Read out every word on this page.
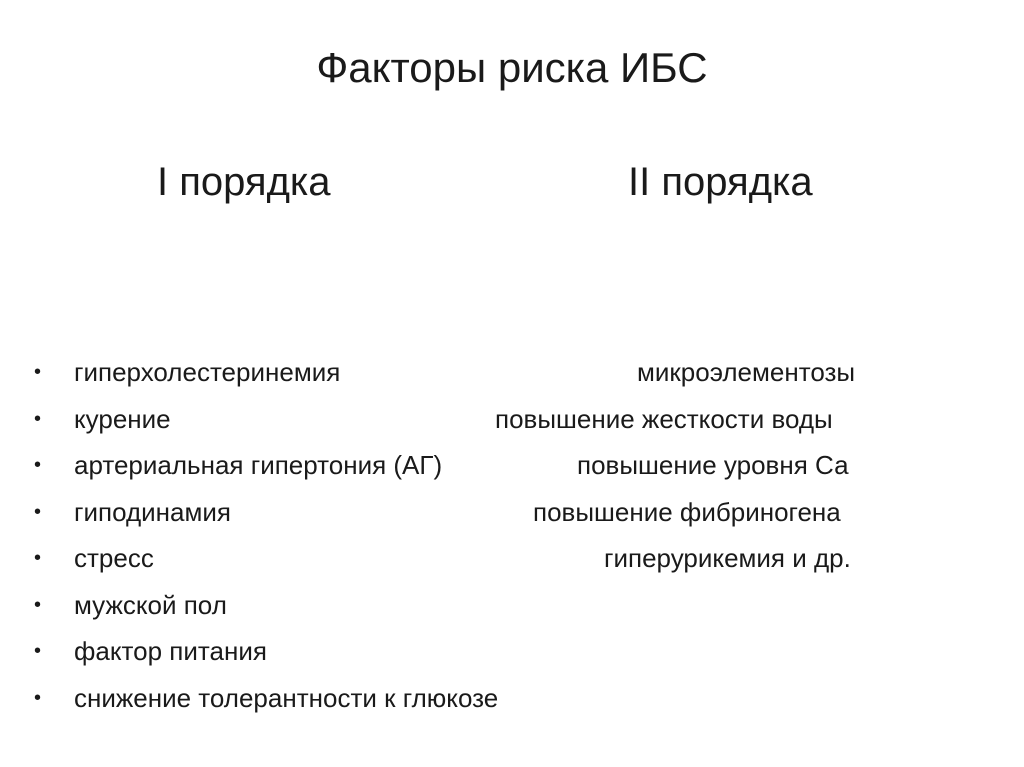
Факторы риска ИБС
I порядка	II порядка
• гиперхолестеринемия	микроэлементозы
• курение	повышение жесткости воды
• артериальная гипертония (АГ)	повышение уровня Са
• гиподинамия	повышение фибриногена
• стресс	гиперурикемия и др.
• мужской пол
• фактор питания
• снижение толерантности к глюкозе
